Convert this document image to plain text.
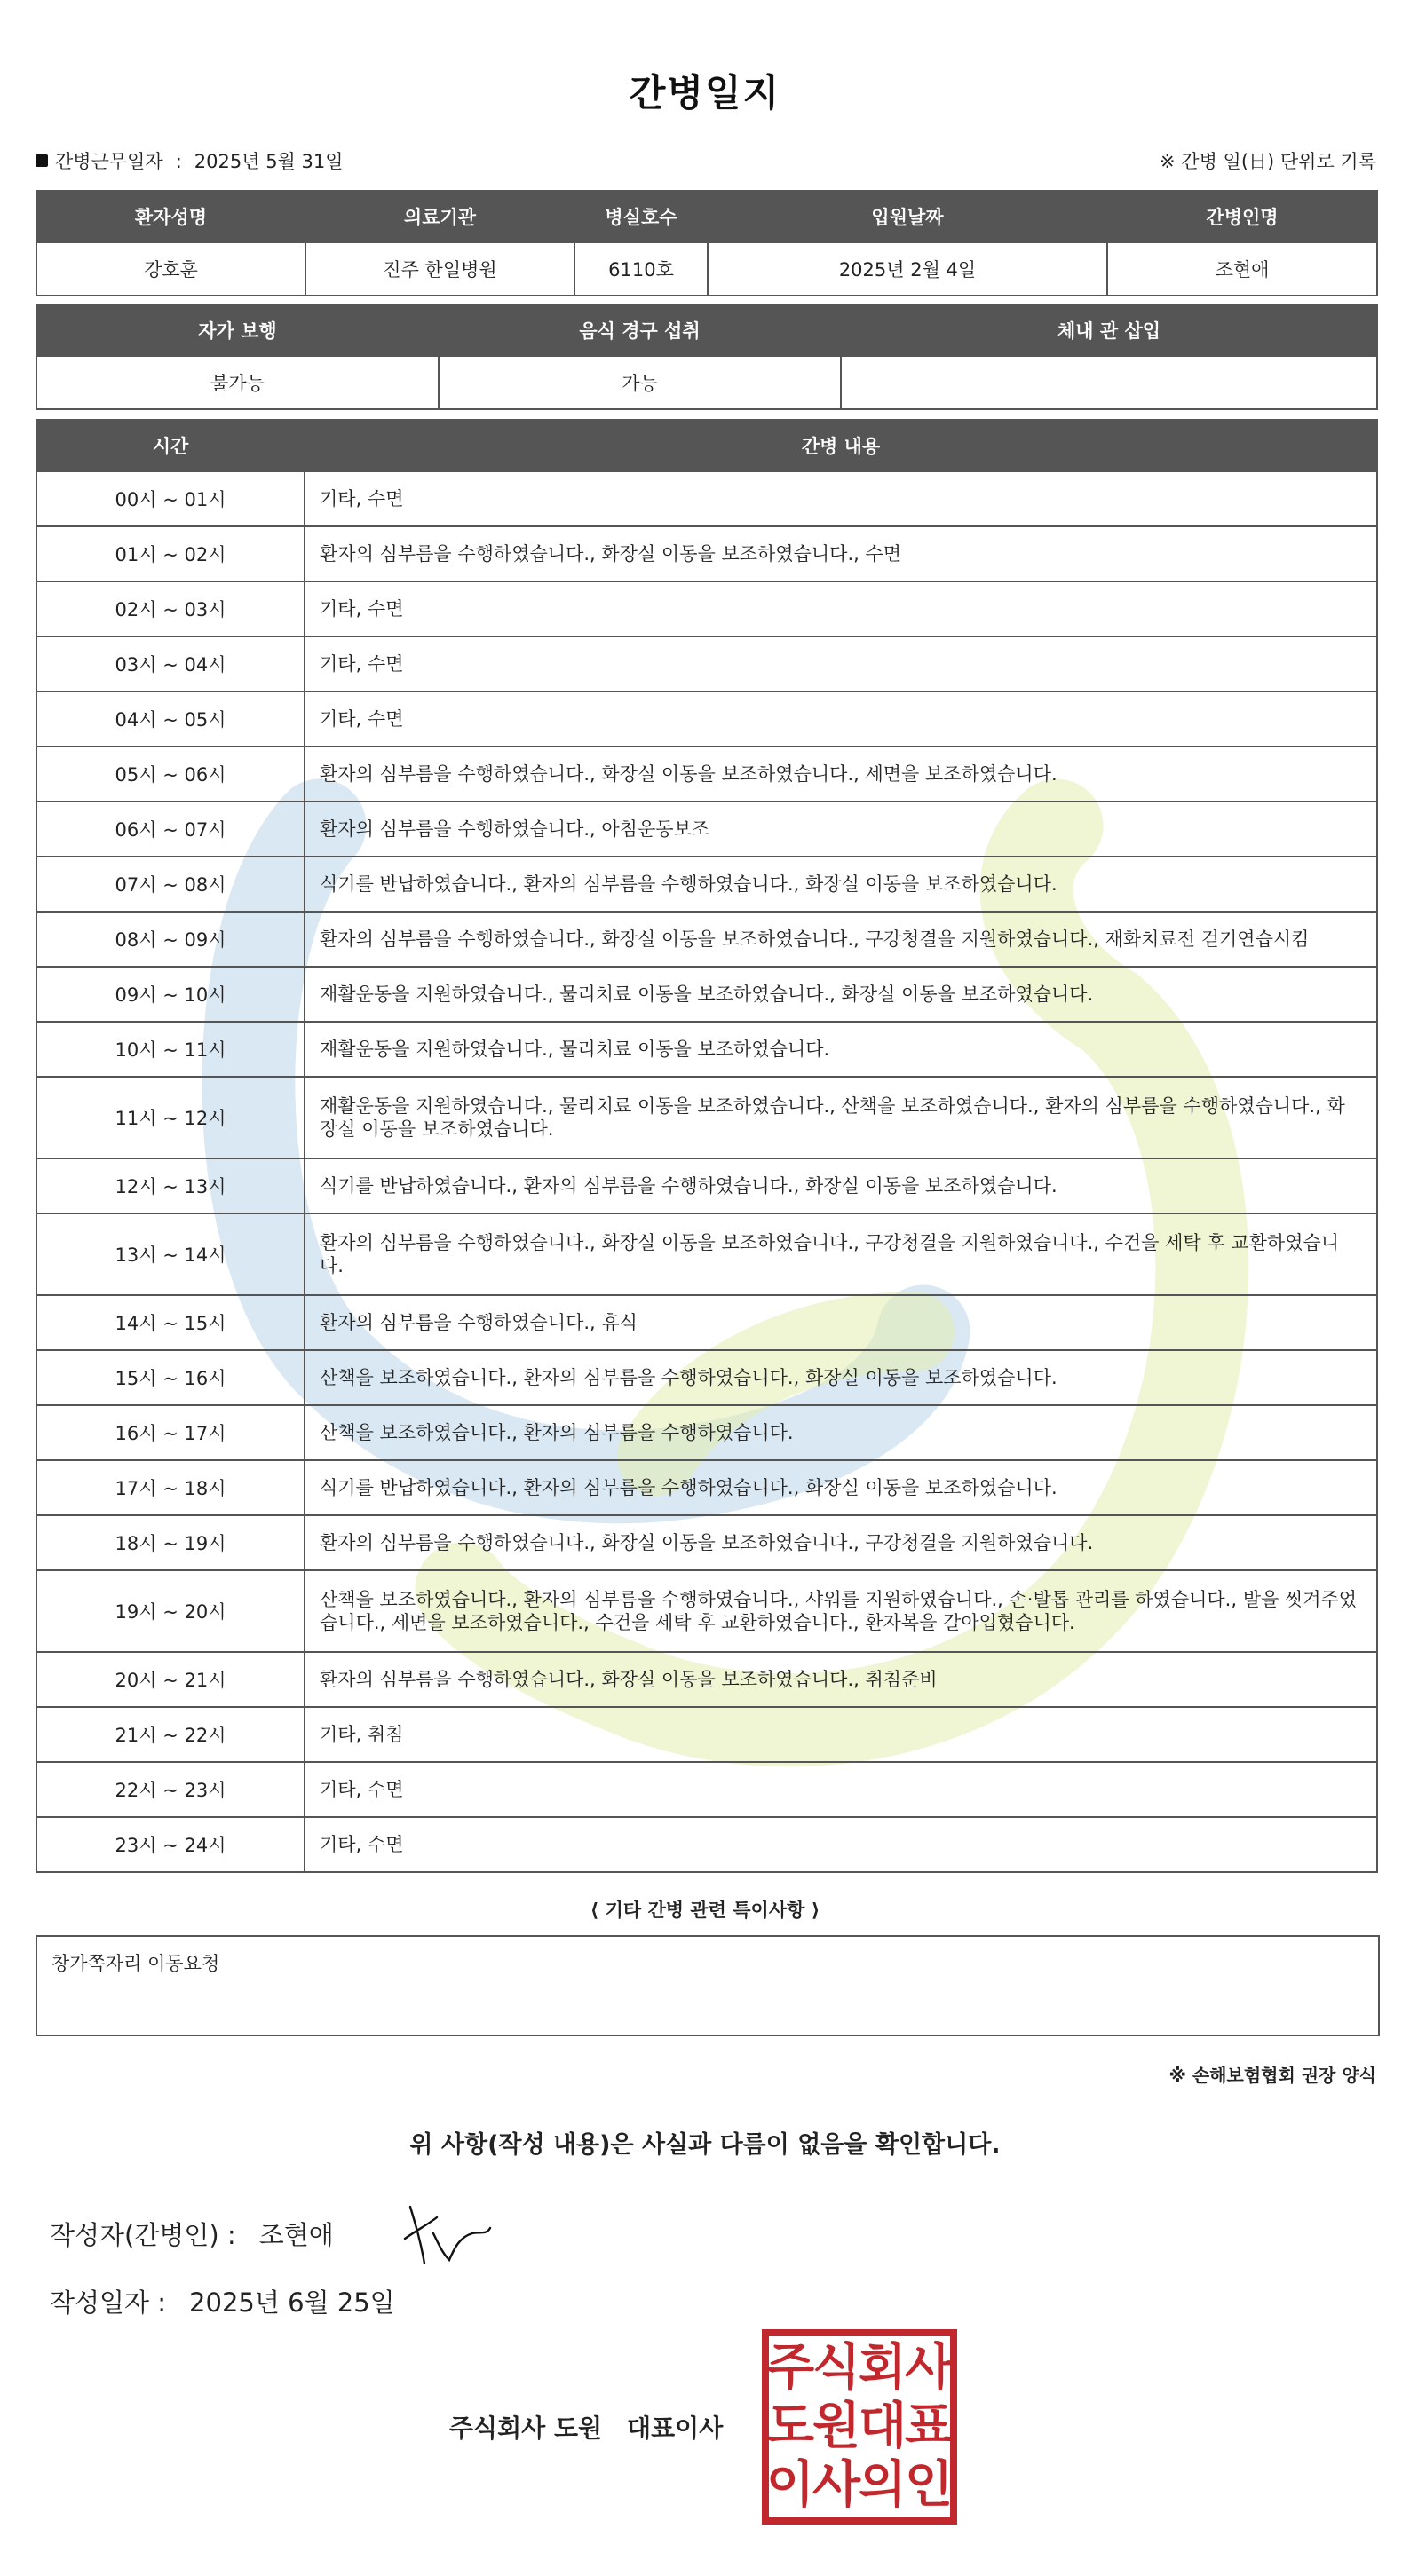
간병일지
간병근무일자 : 2025년 5월 31일	※ 간병 일(日) 단위로 기록
환자성명	의료기관	병실호수	입원날짜	간병인명
강호훈	진주 한일병원	6110호	2025년 2월 4일	조현애
자가 보행	음식 경구 섭취	체내 관 삽입
불가능	가능	
시간	간병 내용
00시 ~ 01시	기타, 수면
01시 ~ 02시	환자의 심부름을 수행하였습니다., 화장실 이동을 보조하였습니다., 수면
02시 ~ 03시	기타, 수면
03시 ~ 04시	기타, 수면
04시 ~ 05시	기타, 수면
05시 ~ 06시	환자의 심부름을 수행하였습니다., 화장실 이동을 보조하였습니다., 세면을 보조하였습니다.
06시 ~ 07시	환자의 심부름을 수행하였습니다., 아침운동보조
07시 ~ 08시	식기를 반납하였습니다., 환자의 심부름을 수행하였습니다., 화장실 이동을 보조하였습니다.
08시 ~ 09시	환자의 심부름을 수행하였습니다., 화장실 이동을 보조하였습니다., 구강청결을 지원하였습니다., 재화치료전 걷기연습시킴
09시 ~ 10시	재활운동을 지원하였습니다., 물리치료 이동을 보조하였습니다., 화장실 이동을 보조하였습니다.
10시 ~ 11시	재활운동을 지원하였습니다., 물리치료 이동을 보조하였습니다.
11시 ~ 12시	재활운동을 지원하였습니다., 물리치료 이동을 보조하였습니다., 산책을 보조하였습니다., 환자의 심부름을 수행하였습니다., 화장실 이동을 보조하였습니다.
12시 ~ 13시	식기를 반납하였습니다., 환자의 심부름을 수행하였습니다., 화장실 이동을 보조하였습니다.
13시 ~ 14시	환자의 심부름을 수행하였습니다., 화장실 이동을 보조하였습니다., 구강청결을 지원하였습니다., 수건을 세탁 후 교환하였습니다.
14시 ~ 15시	환자의 심부름을 수행하였습니다., 휴식
15시 ~ 16시	산책을 보조하였습니다., 환자의 심부름을 수행하였습니다., 화장실 이동을 보조하였습니다.
16시 ~ 17시	산책을 보조하였습니다., 환자의 심부름을 수행하였습니다.
17시 ~ 18시	식기를 반납하였습니다., 환자의 심부름을 수행하였습니다., 화장실 이동을 보조하였습니다.
18시 ~ 19시	환자의 심부름을 수행하였습니다., 화장실 이동을 보조하였습니다., 구강청결을 지원하였습니다.
19시 ~ 20시	산책을 보조하였습니다., 환자의 심부름을 수행하였습니다., 샤워를 지원하였습니다., 손·발톱 관리를 하였습니다., 발을 씻겨주었습니다., 세면을 보조하였습니다., 수건을 세탁 후 교환하였습니다., 환자복을 갈아입혔습니다.
20시 ~ 21시	환자의 심부름을 수행하였습니다., 화장실 이동을 보조하였습니다., 취침준비
21시 ~ 22시	기타, 취침
22시 ~ 23시	기타, 수면
23시 ~ 24시	기타, 수면
⟨ 기타 간병 관련 특이사항 ⟩
창가쪽자리 이동요청
※ 손해보험협회 권장 양식
위 사항(작성 내용)은 사실과 다름이 없음을 확인합니다.
작성자(간병인) : 조현애
작성일자 : 2025년 6월 25일
주식회사 도원 대표이사
주
식
회
사
도
원
대
표
이
사
의
인
